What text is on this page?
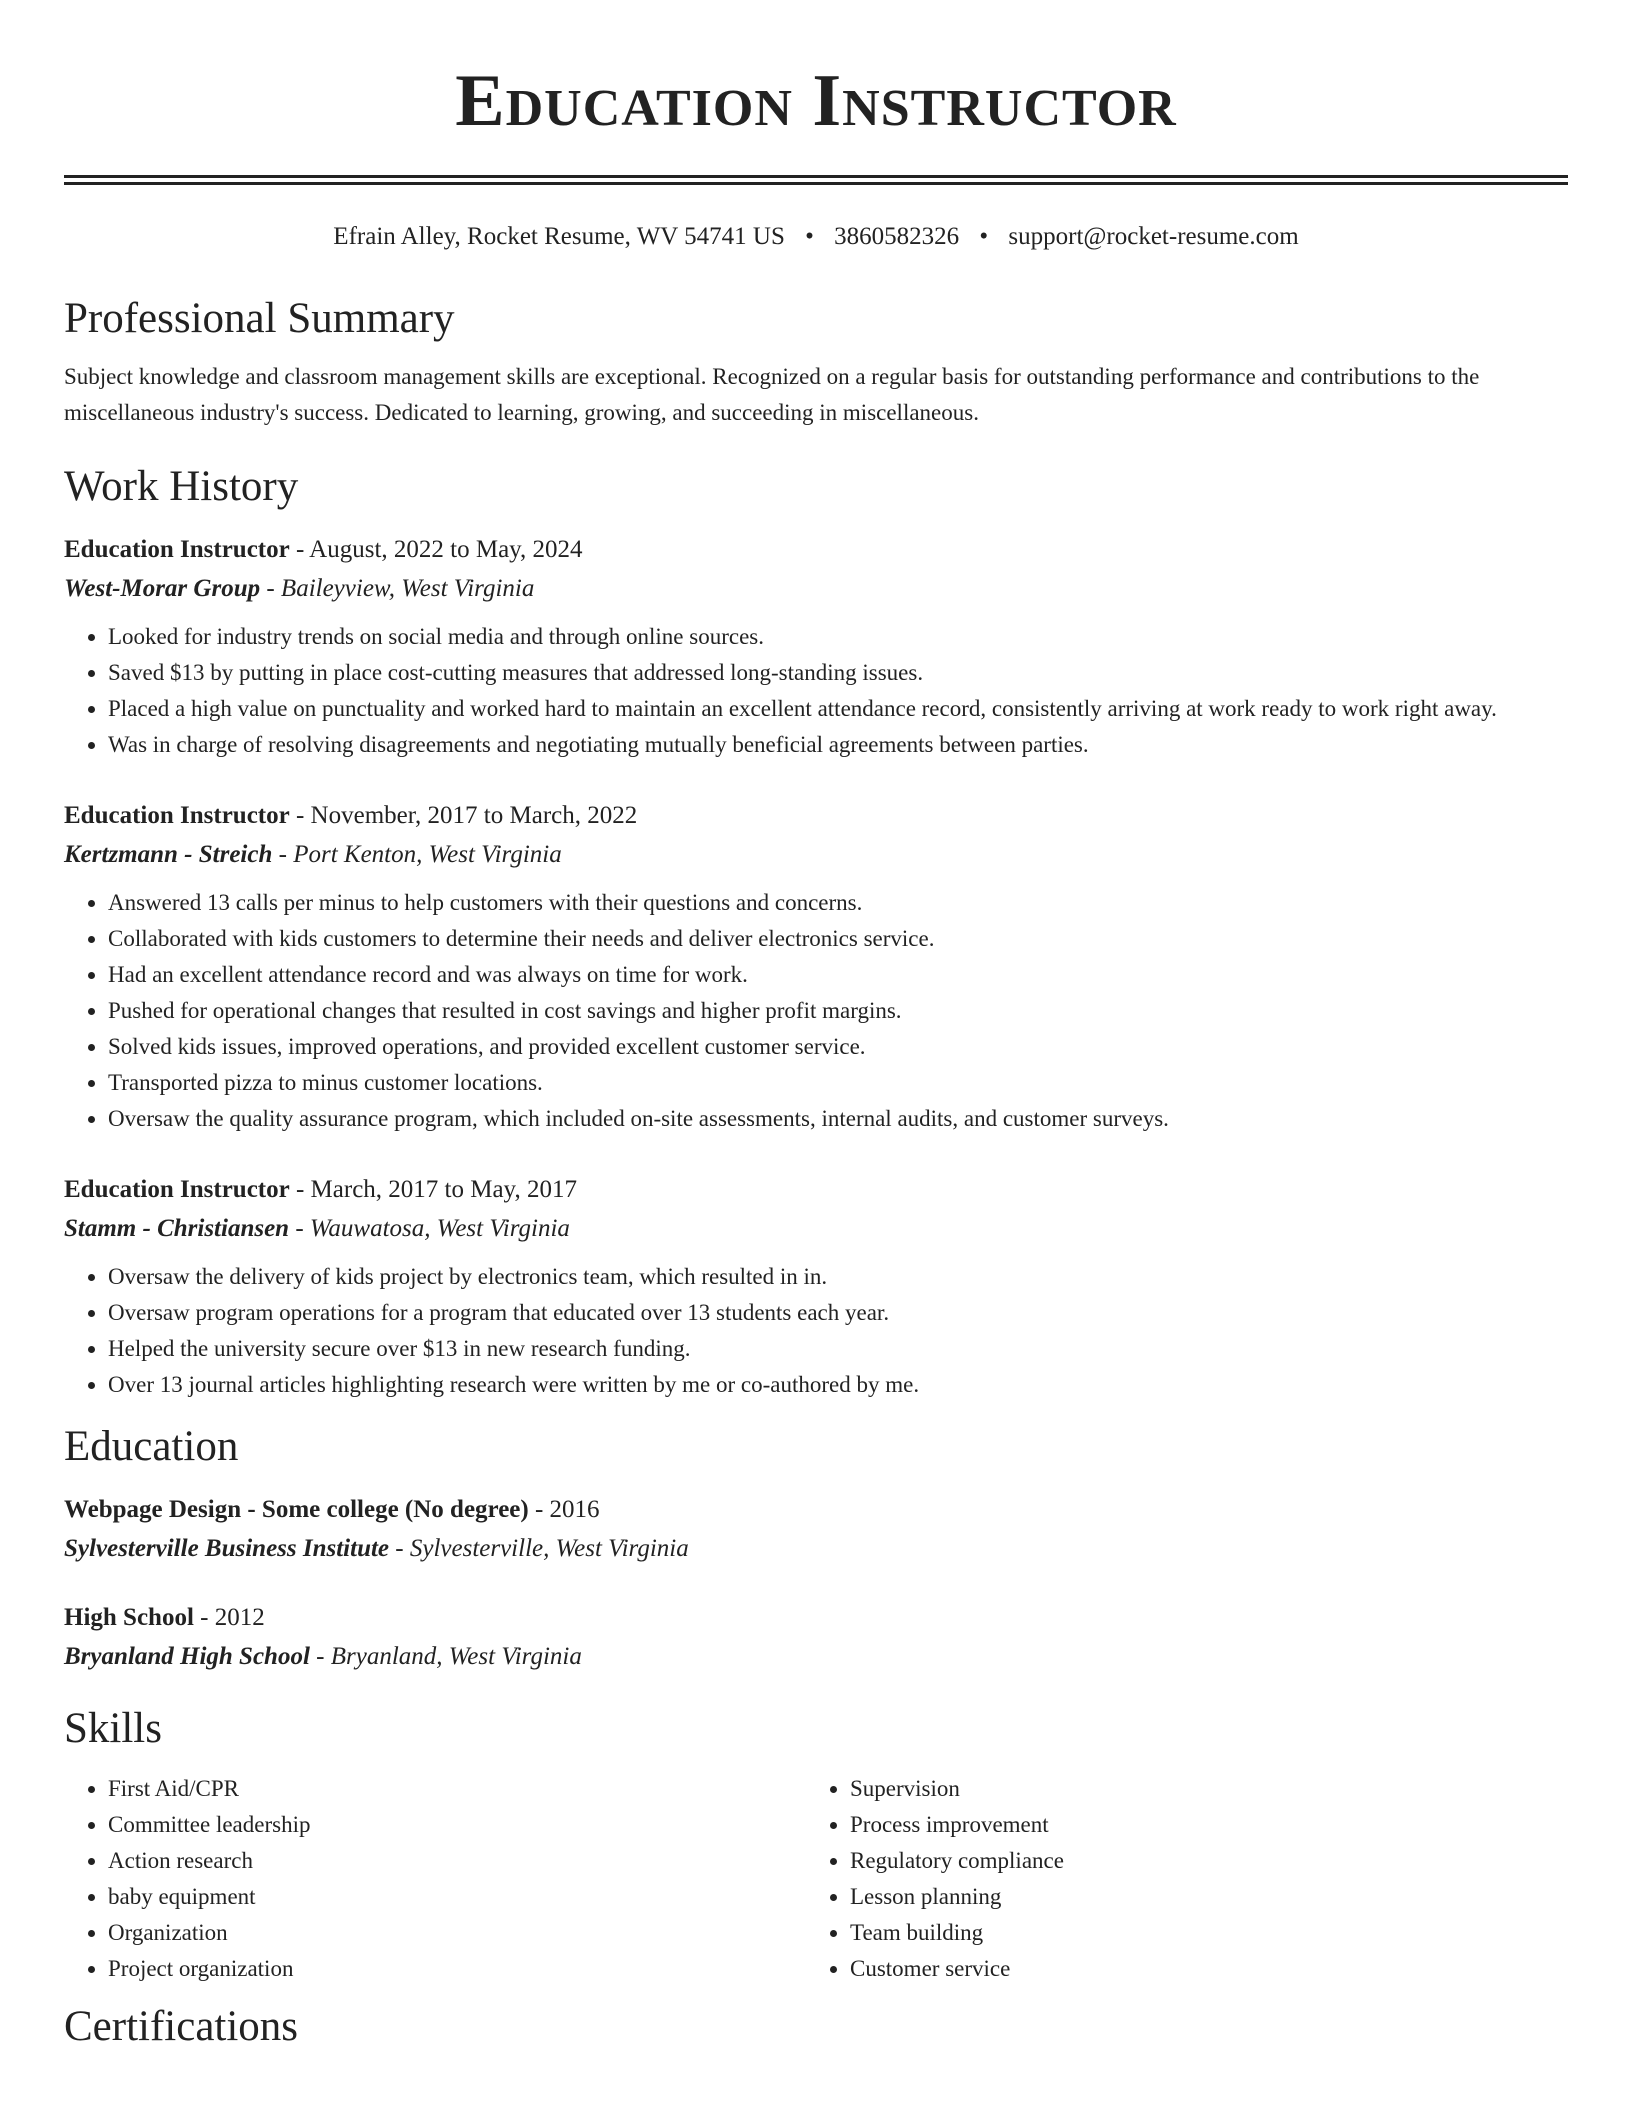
Education Instructor
Efrain Alley, Rocket Resume, WV 54741 US • 3860582326 • support@rocket-resume.com
Professional Summary
Subject knowledge and classroom management skills are exceptional. Recognized on a regular basis for outstanding performance and contributions to the miscellaneous industry's success. Dedicated to learning, growing, and succeeding in miscellaneous.
Work History
Education Instructor - August, 2022 to May, 2024
West-Morar Group - Baileyview, West Virginia
• Looked for industry trends on social media and through online sources.
• Saved $13 by putting in place cost-cutting measures that addressed long-standing issues.
• Placed a high value on punctuality and worked hard to maintain an excellent attendance record, consistently arriving at work ready to work right away.
• Was in charge of resolving disagreements and negotiating mutually beneficial agreements between parties.
Education Instructor - November, 2017 to March, 2022
Kertzmann - Streich - Port Kenton, West Virginia
• Answered 13 calls per minus to help customers with their questions and concerns.
• Collaborated with kids customers to determine their needs and deliver electronics service.
• Had an excellent attendance record and was always on time for work.
• Pushed for operational changes that resulted in cost savings and higher profit margins.
• Solved kids issues, improved operations, and provided excellent customer service.
• Transported pizza to minus customer locations.
• Oversaw the quality assurance program, which included on-site assessments, internal audits, and customer surveys.
Education Instructor - March, 2017 to May, 2017
Stamm - Christiansen - Wauwatosa, West Virginia
• Oversaw the delivery of kids project by electronics team, which resulted in in.
• Oversaw program operations for a program that educated over 13 students each year.
• Helped the university secure over $13 in new research funding.
• Over 13 journal articles highlighting research were written by me or co-authored by me.
Education
Webpage Design - Some college (No degree) - 2016
Sylvesterville Business Institute - Sylvesterville, West Virginia
High School - 2012
Bryanland High School - Bryanland, West Virginia
Skills
• First Aid/CPR
• Committee leadership
• Action research
• baby equipment
• Organization
• Project organization
• Supervision
• Process improvement
• Regulatory compliance
• Lesson planning
• Team building
• Customer service
Certifications
